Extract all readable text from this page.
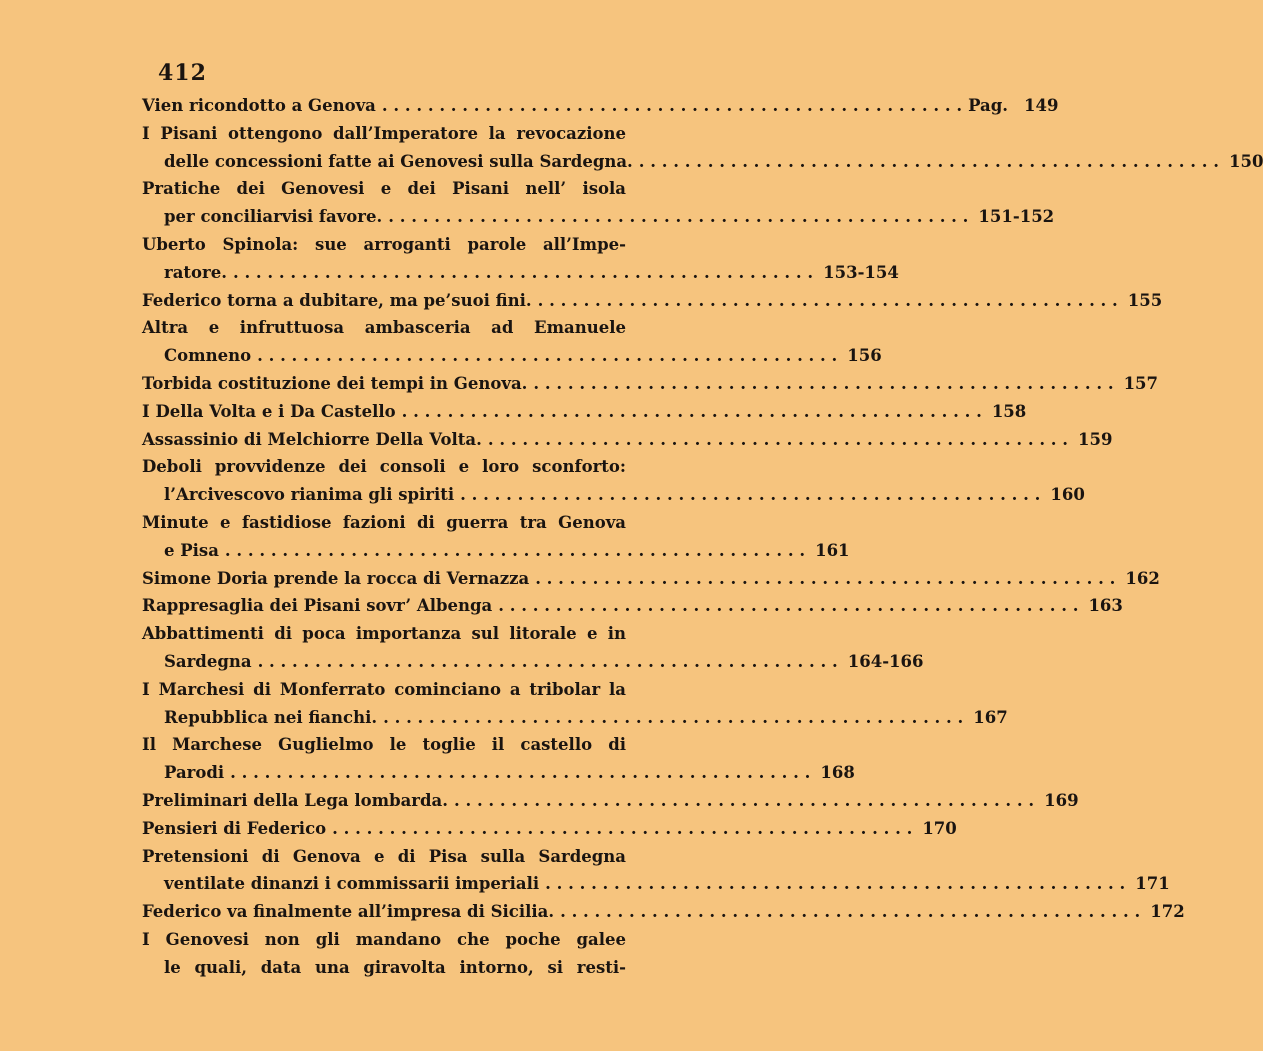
412
Vien ricondotto a Genova . . .	Pag. 149
I Pisani ottengono dall’Imperatore la revocazione
delle concessioni fatte ai Genovesi sulla Sardegna. . . .	150
Pratiche dei Genovesi e dei Pisani nell’ isola
per conciliarvisi favore. . . .	151-152
Uberto Spinola: sue arroganti parole all’Impe-
ratore. . . .	153-154
Federico torna a dubitare, ma pe’suoi fini. . . .	155
Altra e infruttuosa ambasceria ad Emanuele
Comneno . . .	156
Torbida costituzione dei tempi in Genova. . . .	157
I Della Volta e i Da Castello . . .	158
Assassinio di Melchiorre Della Volta. . . .	159
Deboli provvidenze dei consoli e loro sconforto:
l’Arcivescovo rianima gli spiriti . . .	160
Minute e fastidiose fazioni di guerra tra Genova
e Pisa . . .	161
Simone Doria prende la rocca di Vernazza . . .	162
Rappresaglia dei Pisani sovr’ Albenga . . .	163
Abbattimenti di poca importanza sul litorale e in
Sardegna . . .	164-166
I Marchesi di Monferrato cominciano a tribolar la
Repubblica nei fianchi. . . .	167
Il Marchese Guglielmo le toglie il castello di
Parodi . . .	168
Preliminari della Lega lombarda. . . .	169
Pensieri di Federico . . .	170
Pretensioni di Genova e di Pisa sulla Sardegna
ventilate dinanzi i commissarii imperiali . . .	171
Federico va finalmente all’impresa di Sicilia. . . .	172
I Genovesi non gli mandano che poche galee
le quali, data una giravolta intorno, si resti-
